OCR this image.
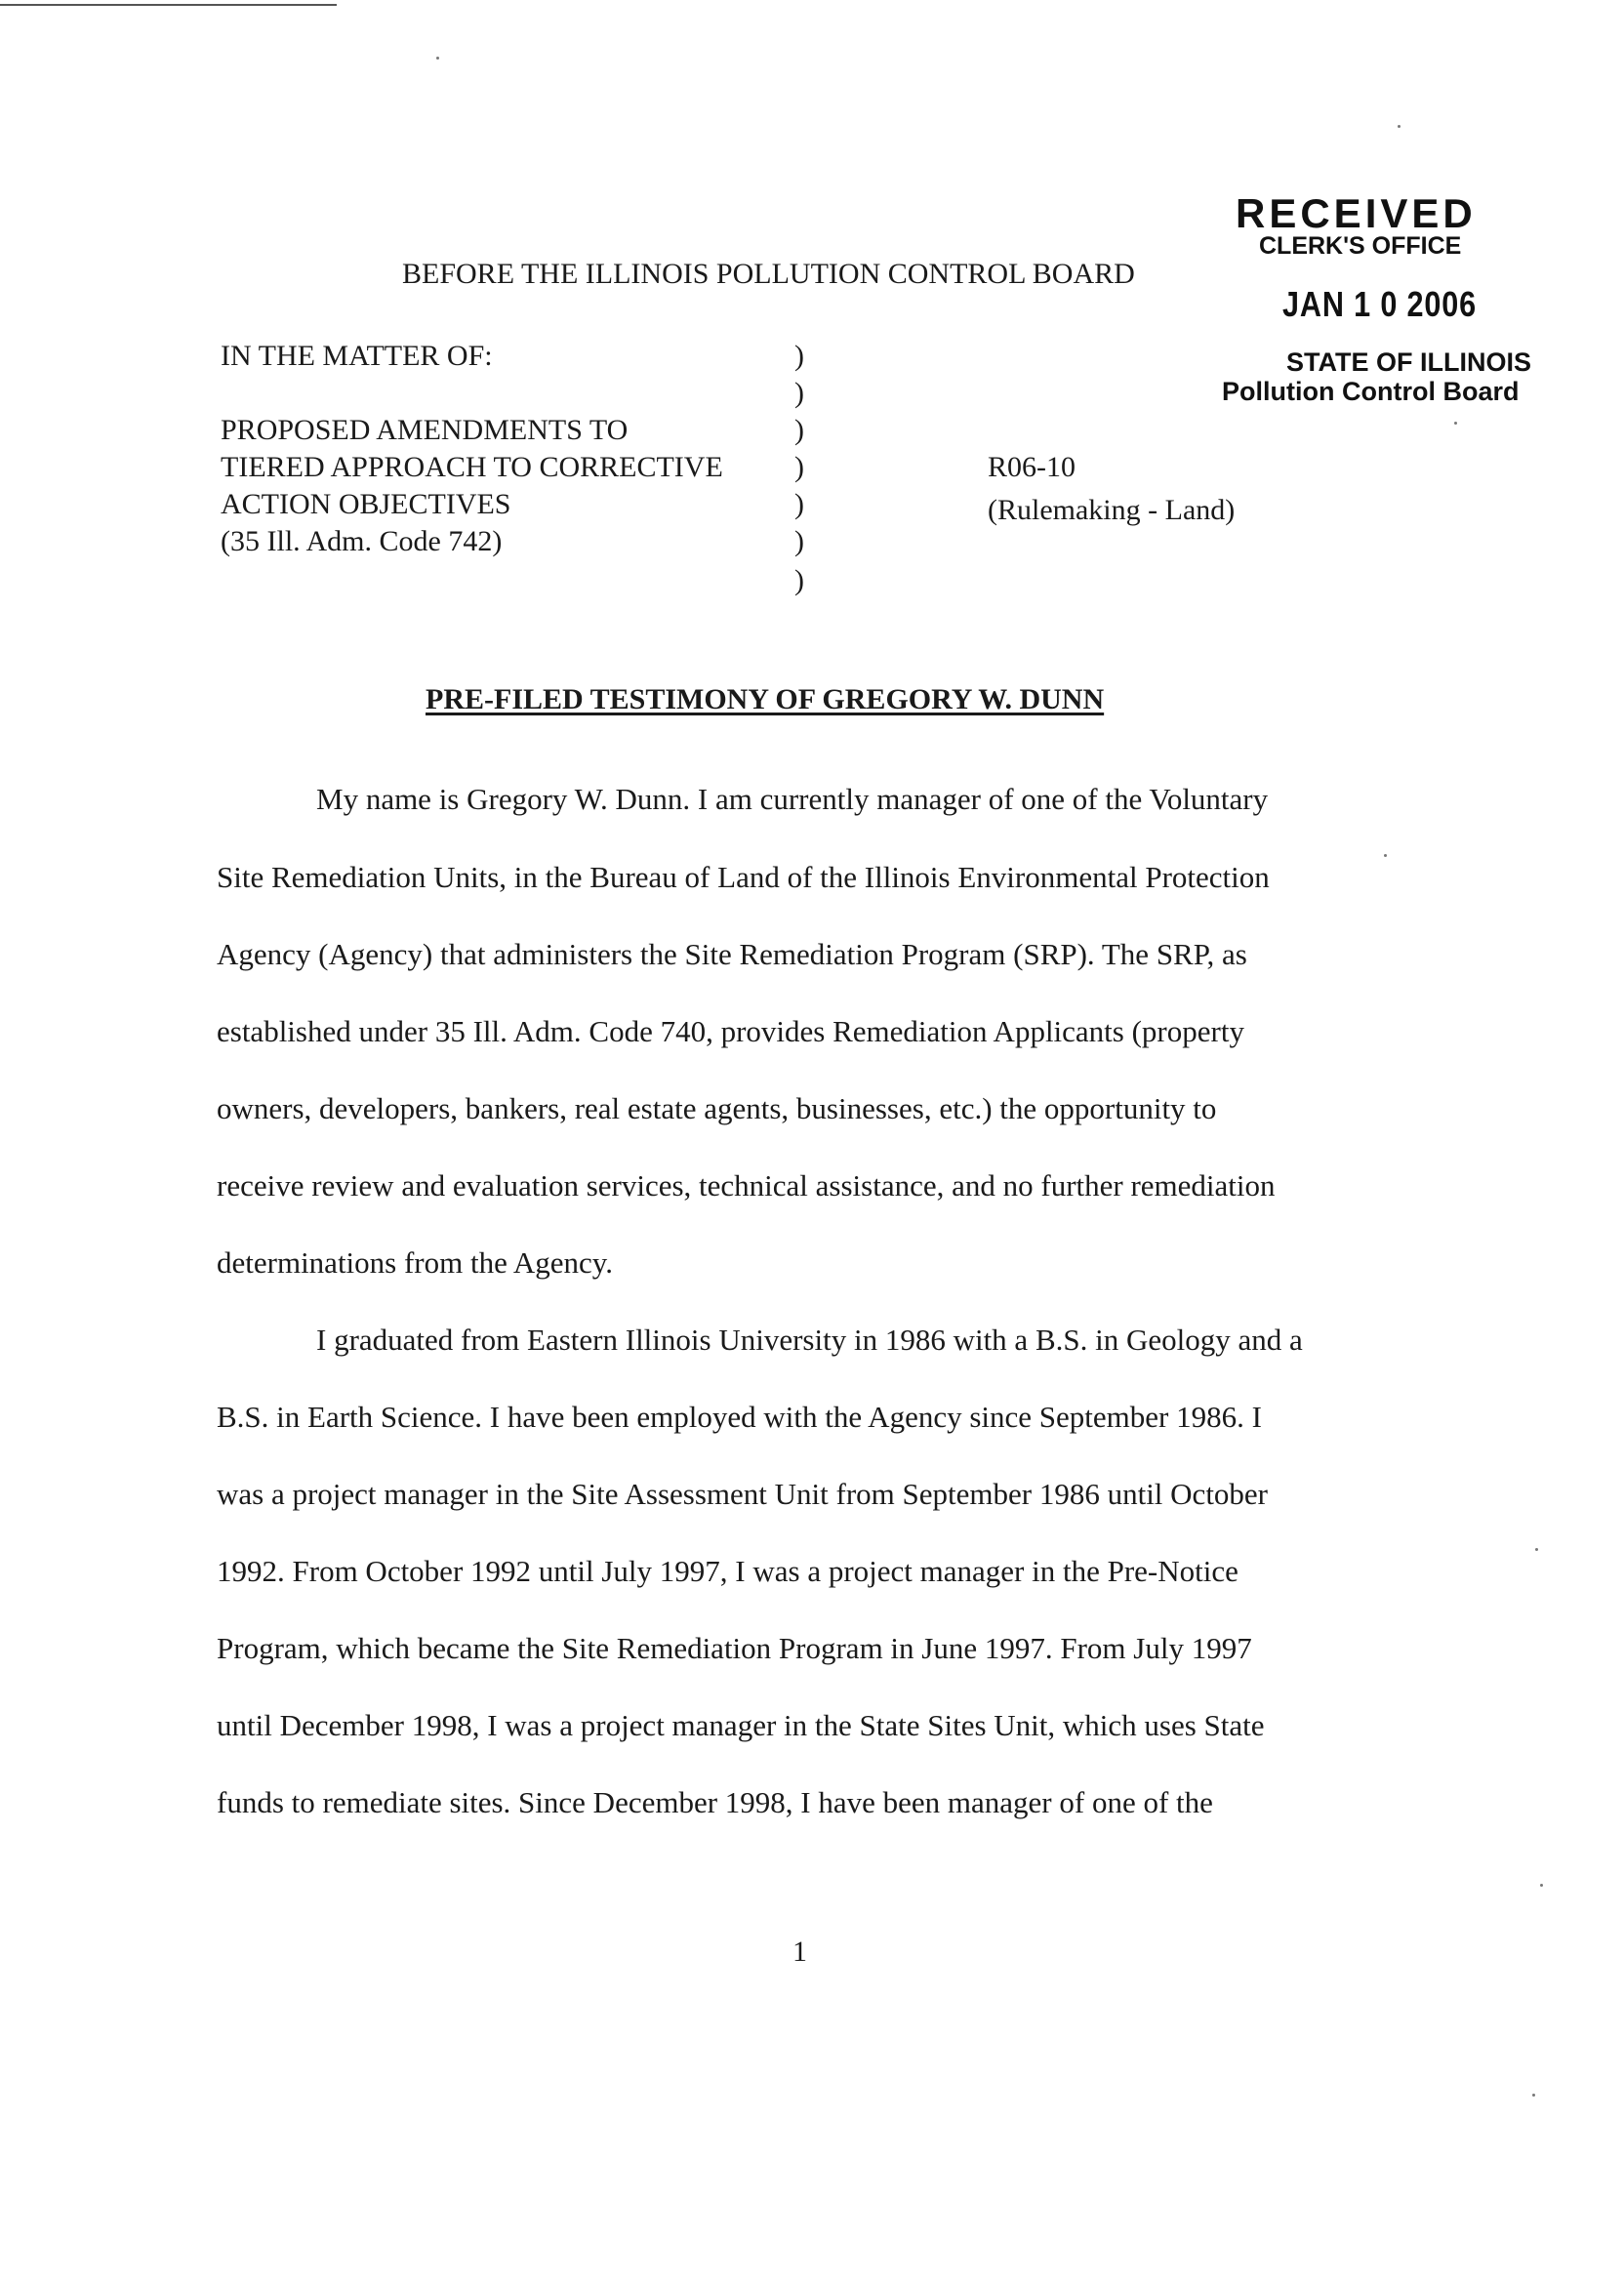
RECEIVED
CLERK'S OFFICE
JAN 1 0 2006
STATE OF ILLINOIS
Pollution Control Board
BEFORE THE ILLINOIS POLLUTION CONTROL BOARD
IN THE MATTER OF:
PROPOSED AMENDMENTS TO
TIERED APPROACH TO CORRECTIVE
ACTION OBJECTIVES
(35 Ill. Adm. Code 742)
)
)
)
)
)
)
)
R06-10
(Rulemaking - Land)
PRE-FILED TESTIMONY OF GREGORY W. DUNN
My name is Gregory W. Dunn. I am currently manager of one of the Voluntary
Site Remediation Units, in the Bureau of Land of the Illinois Environmental Protection
Agency (Agency) that administers the Site Remediation Program (SRP). The SRP, as
established under 35 Ill. Adm. Code 740, provides Remediation Applicants (property
owners, developers, bankers, real estate agents, businesses, etc.) the opportunity to
receive review and evaluation services, technical assistance, and no further remediation
determinations from the Agency.
I graduated from Eastern Illinois University in 1986 with a B.S. in Geology and a
B.S. in Earth Science. I have been employed with the Agency since September 1986. I
was a project manager in the Site Assessment Unit from September 1986 until October
1992. From October 1992 until July 1997, I was a project manager in the Pre-Notice
Program, which became the Site Remediation Program in June 1997. From July 1997
until December 1998, I was a project manager in the State Sites Unit, which uses State
funds to remediate sites. Since December 1998, I have been manager of one of the
1
